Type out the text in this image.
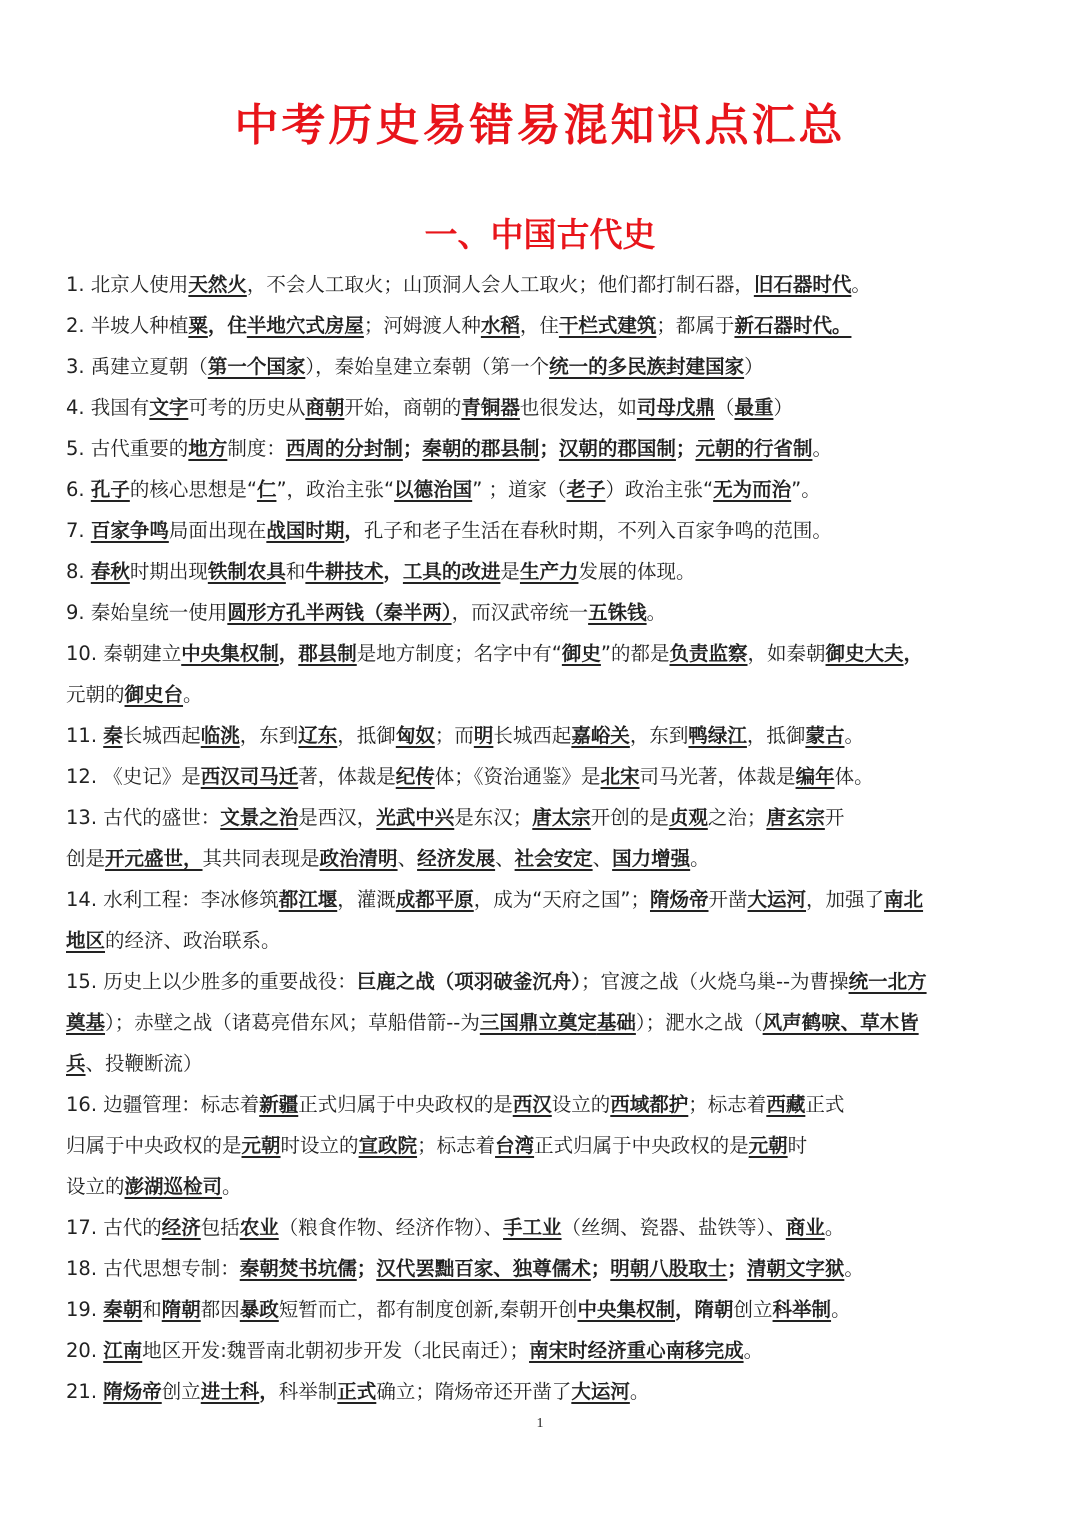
中考历史易错易混知识点汇总
一、中国古代史
1. 北京人使用天然火，不会人工取火；山顶洞人会人工取火；他们都打制石器，旧石器时代。
2. 半坡人种植粟，住半地穴式房屋；河姆渡人种水稻，住干栏式建筑；都属于新石器时代。
3. 禹建立夏朝（第一个国家），秦始皇建立秦朝（第一个统一的多民族封建国家）
4. 我国有文字可考的历史从商朝开始，商朝的青铜器也很发达，如司母戊鼎（最重）
5. 古代重要的地方制度：西周的分封制；秦朝的郡县制；汉朝的郡国制；元朝的行省制。
6. 孔子的核心思想是“仁”，政治主张“以德治国” ；道家（老子）政治主张“无为而治”。
7. 百家争鸣局面出现在战国时期，孔子和老子生活在春秋时期，不列入百家争鸣的范围。
8. 春秋时期出现铁制农具和牛耕技术，工具的改进是生产力发展的体现。
9. 秦始皇统一使用圆形方孔半两钱（秦半两），而汉武帝统一五铢钱。
10. 秦朝建立中央集权制，郡县制是地方制度；名字中有“御史”的都是负责监察，如秦朝御史大夫，
元朝的御史台。
11. 秦长城西起临洮，东到辽东，抵御匈奴；而明长城西起嘉峪关，东到鸭绿江，抵御蒙古。
12. 《史记》是西汉司马迁著，体裁是纪传体；《资治通鉴》是北宋司马光著，体裁是编年体。
13. 古代的盛世：文景之治是西汉，光武中兴是东汉；唐太宗开创的是贞观之治；唐玄宗开
创是开元盛世，其共同表现是政治清明、经济发展、社会安定、国力增强。
14. 水利工程：李冰修筑都江堰，灌溉成都平原，成为“天府之国”；隋炀帝开凿大运河，加强了南北
地区的经济、政治联系。
15. 历史上以少胜多的重要战役：巨鹿之战（项羽破釜沉舟）；官渡之战（火烧乌巢--为曹操统一北方
奠基）；赤壁之战（诸葛亮借东风；草船借箭--为三国鼎立奠定基础）；淝水之战（风声鹤唳、草木皆
兵、投鞭断流）
16. 边疆管理：标志着新疆正式归属于中央政权的是西汉设立的西域都护；标志着西藏正式
归属于中央政权的是元朝时设立的宣政院；标志着台湾正式归属于中央政权的是元朝时
设立的澎湖巡检司。
17. 古代的经济包括农业（粮食作物、经济作物）、手工业（丝绸、瓷器、盐铁等）、商业。
18. 古代思想专制：秦朝焚书坑儒；汉代罢黜百家、独尊儒术；明朝八股取士；清朝文字狱。
19. 秦朝和隋朝都因暴政短暂而亡，都有制度创新,秦朝开创中央集权制，隋朝创立科举制。
20. 江南地区开发:魏晋南北朝初步开发（北民南迁）；南宋时经济重心南移完成。
21. 隋炀帝创立进士科，科举制正式确立；隋炀帝还开凿了大运河。
1
